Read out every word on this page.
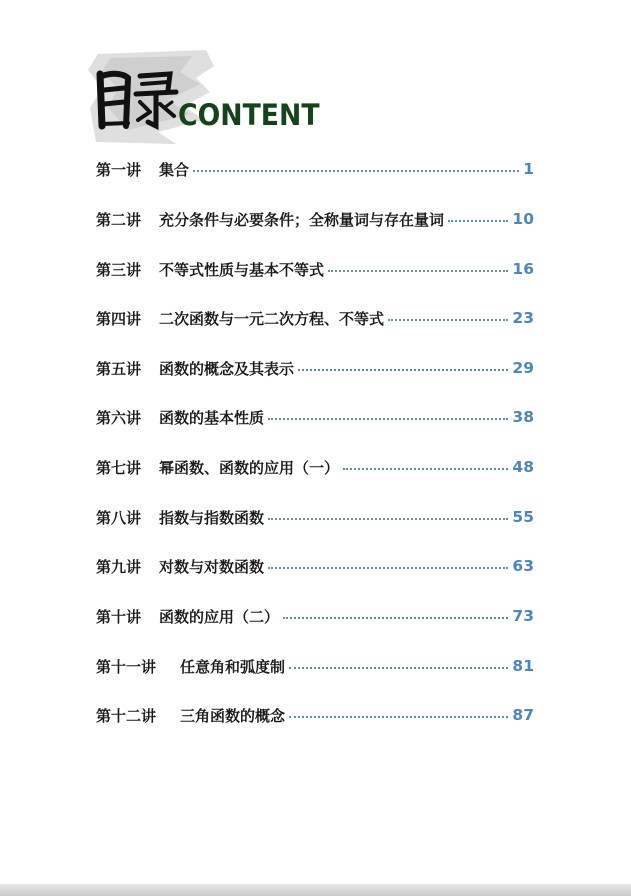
CONTENT
第一讲 集合	1
第二讲 充分条件与必要条件；全称量词与存在量词	10
第三讲 不等式性质与基本不等式	16
第四讲 二次函数与一元二次方程、不等式	23
第五讲 函数的概念及其表示	29
第六讲 函数的基本性质	38
第七讲 幂函数、函数的应用（一）	48
第八讲 指数与指数函数	55
第九讲 对数与对数函数	63
第十讲 函数的应用（二）	73
第十一讲 任意角和弧度制	81
第十二讲 三角函数的概念	87
